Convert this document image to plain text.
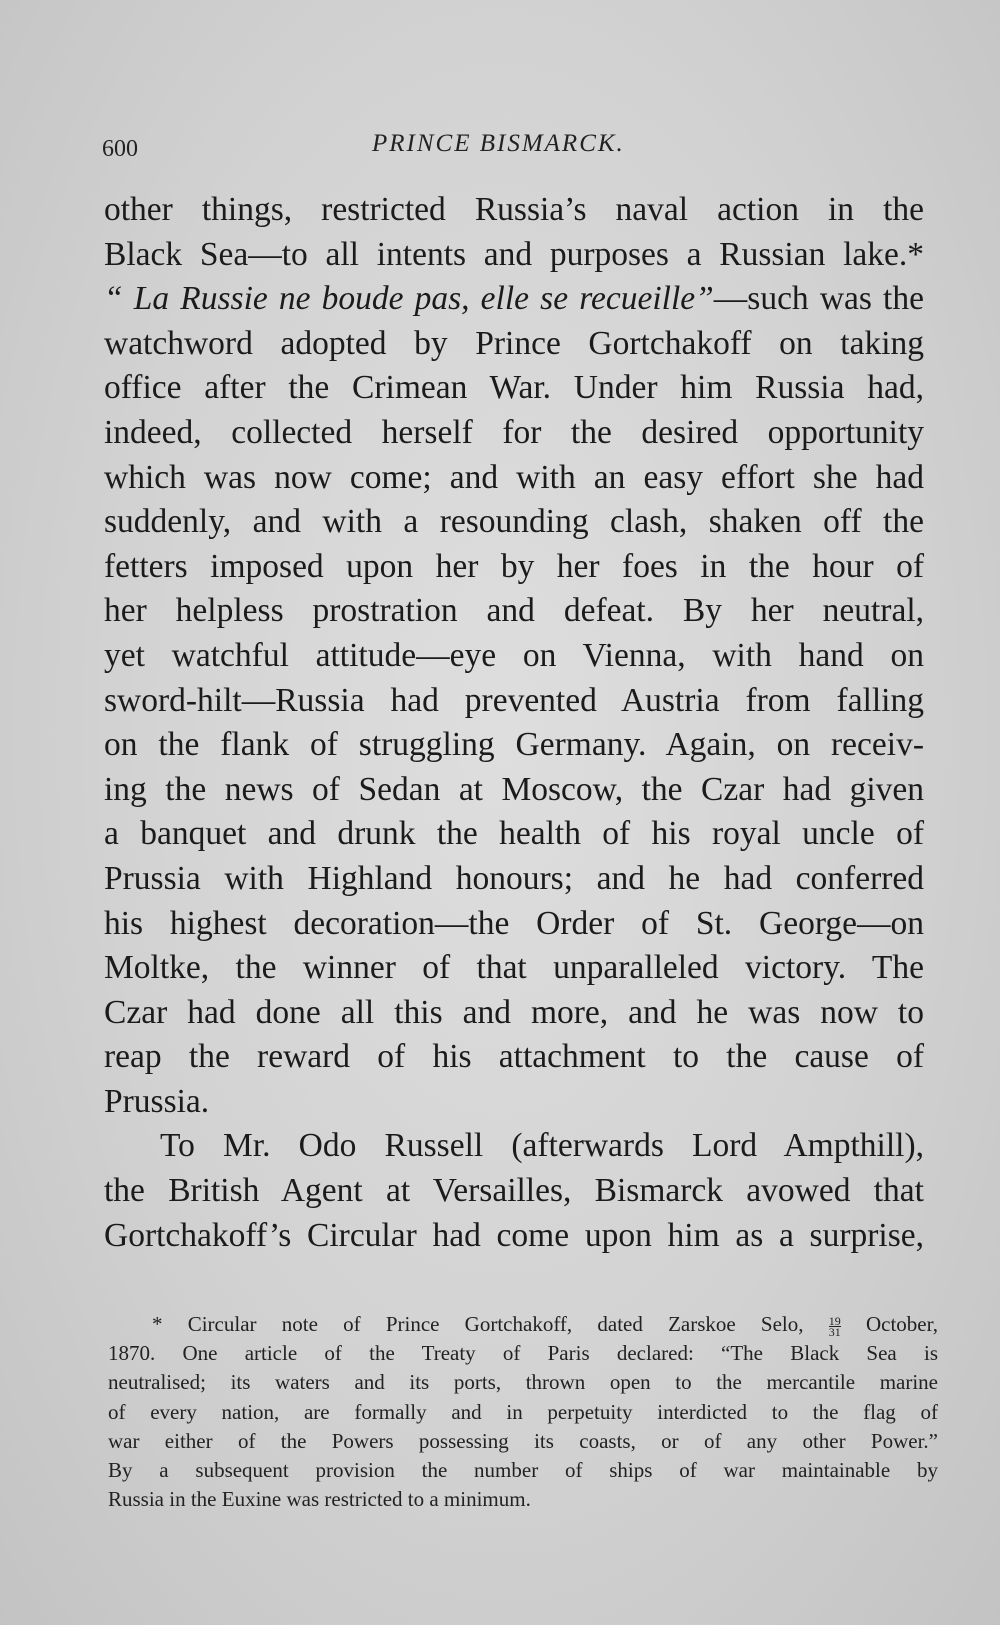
600	PRINCE BISMARCK.
other things, restricted Russia’s naval action in the
Black Sea—to all intents and purposes a Russian lake.*
“ La Russie ne boude pas, elle se recueille”—such was the
watchword adopted by Prince Gortchakoff on taking
office after the Crimean War. Under him Russia had,
indeed, collected herself for the desired opportunity
which was now come; and with an easy effort she had
suddenly, and with a resounding clash, shaken off the
fetters imposed upon her by her foes in the hour of
her helpless prostration and defeat. By her neutral,
yet watchful attitude—eye on Vienna, with hand on
sword-hilt—Russia had prevented Austria from falling
on the flank of struggling Germany. Again, on receiv-
ing the news of Sedan at Moscow, the Czar had given
a banquet and drunk the health of his royal uncle of
Prussia with Highland honours; and he had conferred
his highest decoration—the Order of St. George—on
Moltke, the winner of that unparalleled victory. The
Czar had done all this and more, and he was now to
reap the reward of his attachment to the cause of
Prussia.
To Mr. Odo Russell (afterwards Lord Ampthill),
the British Agent at Versailles, Bismarck avowed that
Gortchakoff’s Circular had come upon him as a surprise,
* Circular note of Prince Gortchakoff, dated Zarskoe Selo, $\frac{19}{31}$ October,
1870. One article of the Treaty of Paris declared: “The Black Sea is
neutralised; its waters and its ports, thrown open to the mercantile marine
of every nation, are formally and in perpetuity interdicted to the flag of
war either of the Powers possessing its coasts, or of any other Power.”
By a subsequent provision the number of ships of war maintainable by
Russia in the Euxine was restricted to a minimum.
